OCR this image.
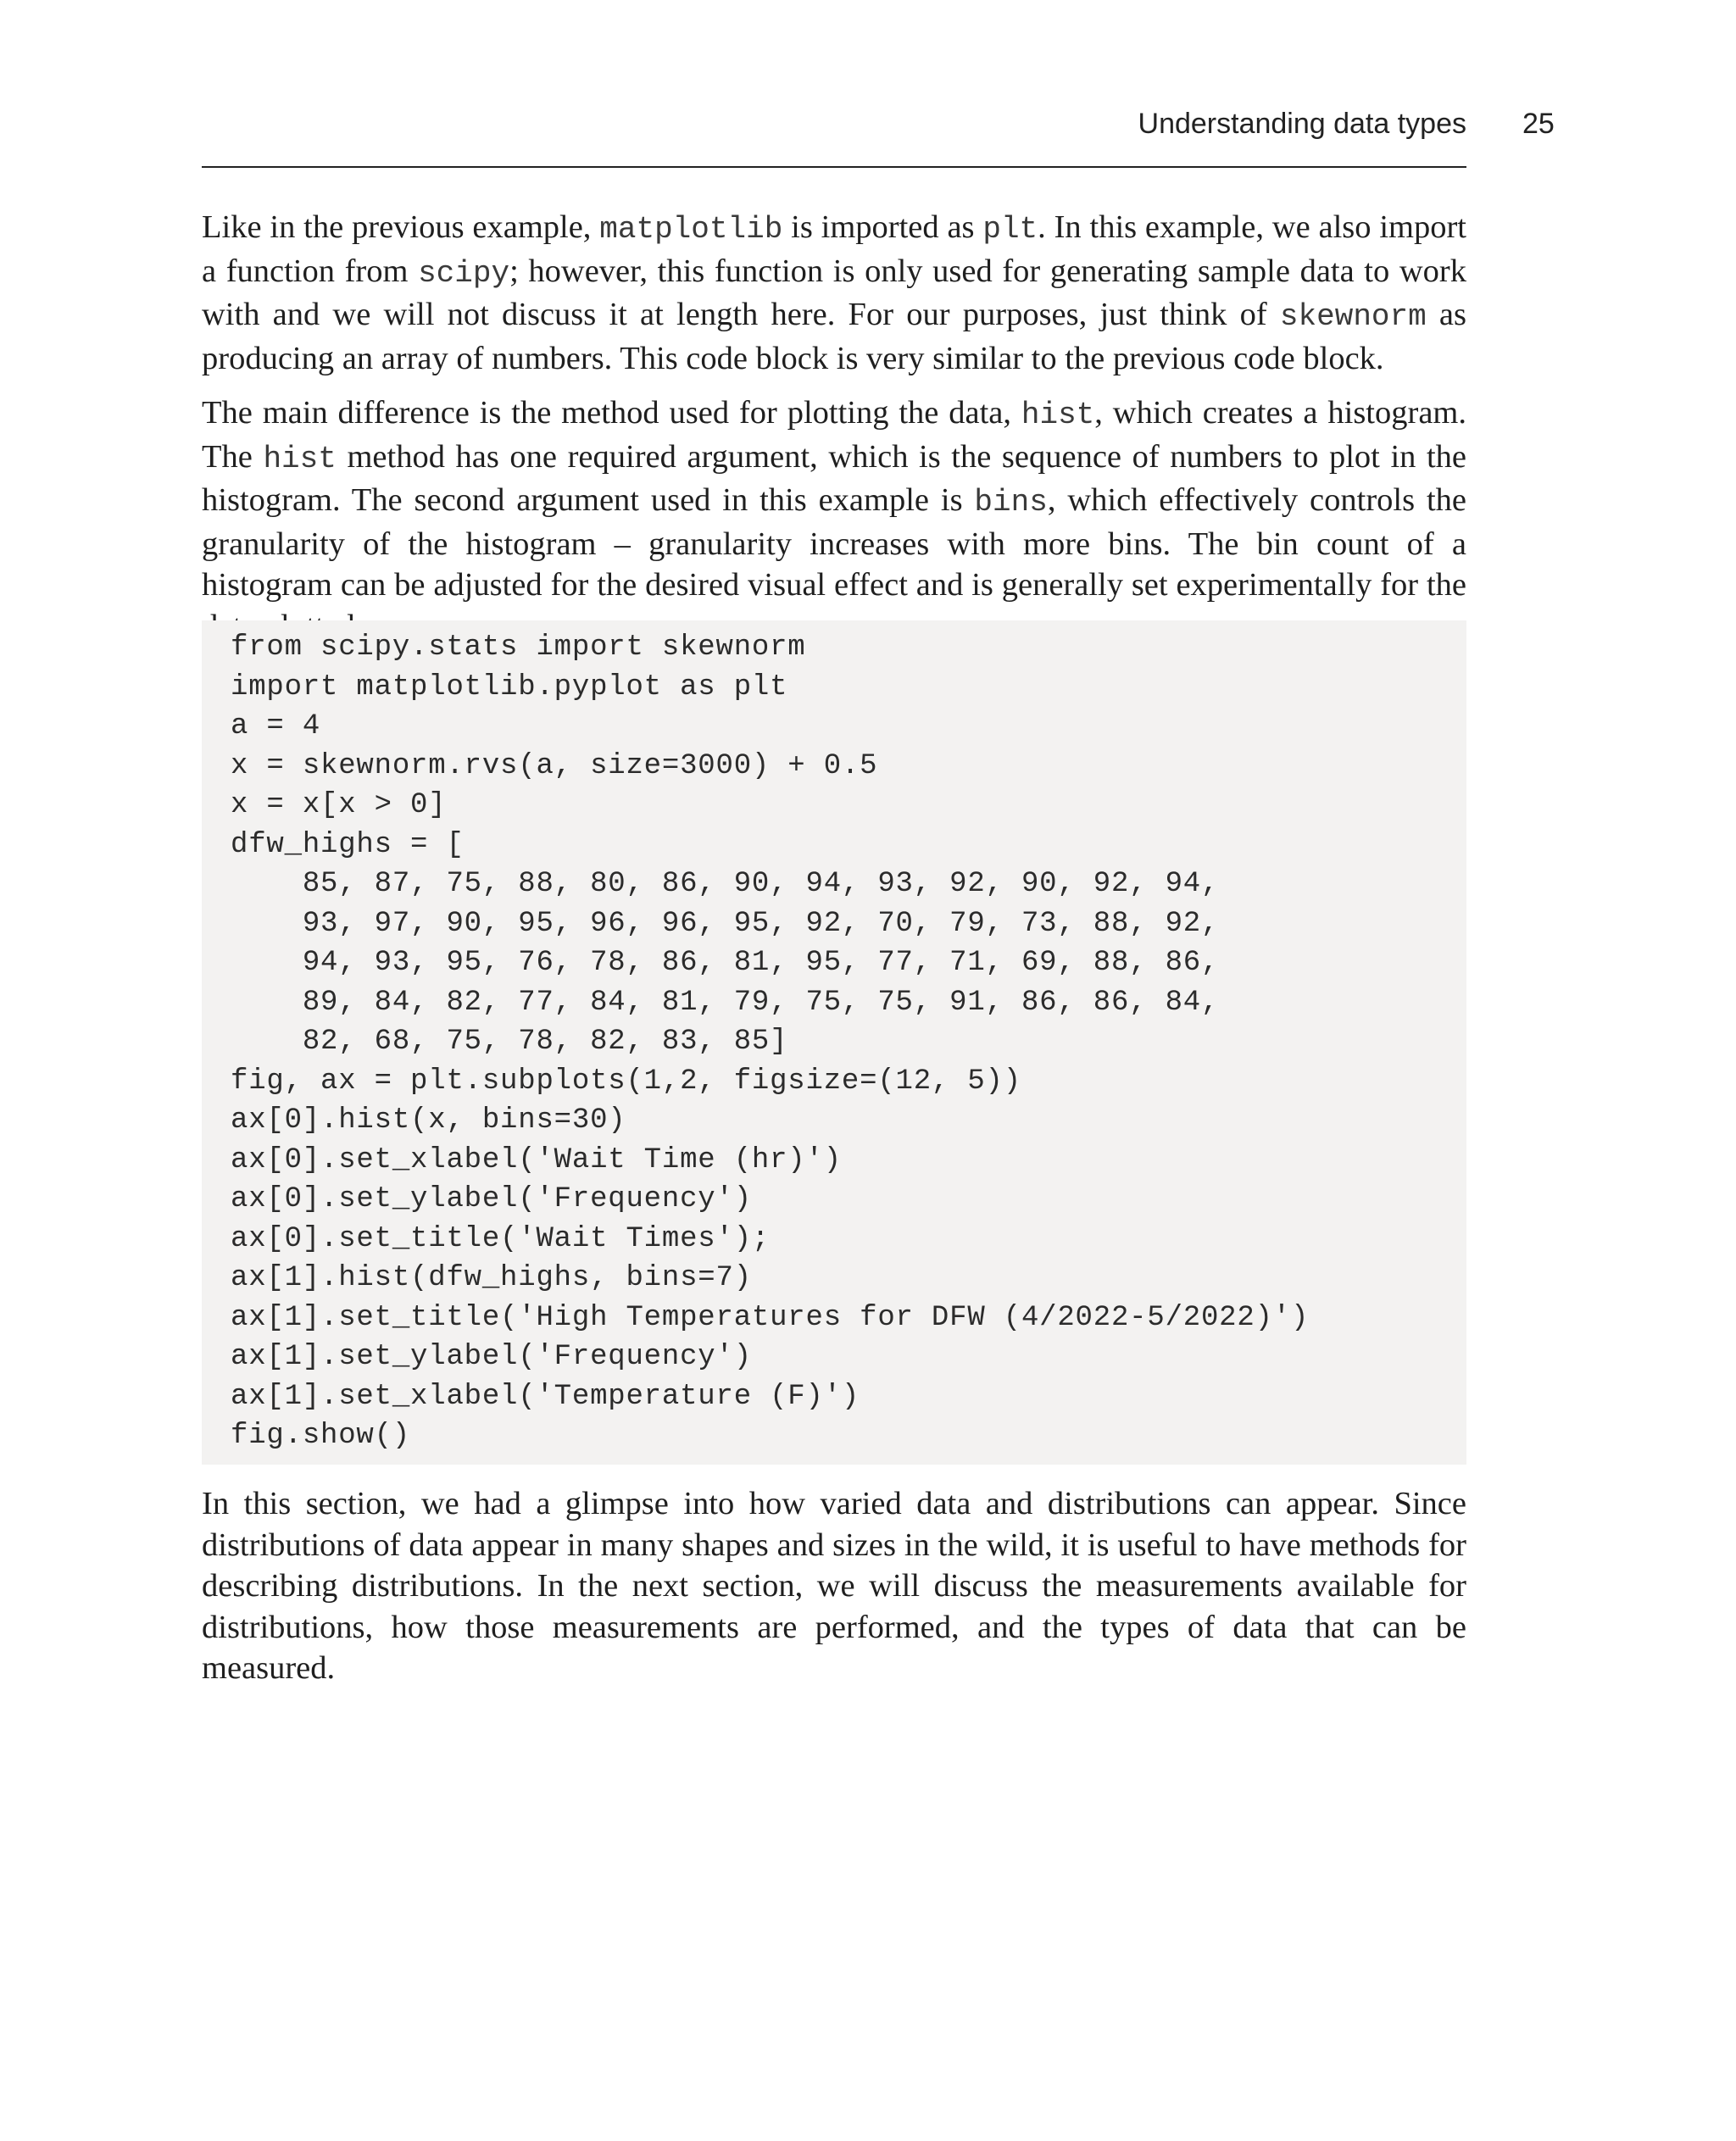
Understanding data types 25

Like in the previous example, matplotlib is imported as plt. In this example, we also import a function from scipy; however, this function is only used for generating sample data to work with and we will not discuss it at length here. For our purposes, just think of skewnorm as producing an array of numbers. This code block is very similar to the previous code block.

The main difference is the method used for plotting the data, hist, which creates a histogram. The hist method has one required argument, which is the sequence of numbers to plot in the histogram. The second argument used in this example is bins, which effectively controls the granularity of the histogram – granularity increases with more bins. The bin count of a histogram can be adjusted for the desired visual effect and is generally set experimentally for the

from scipy.stats import skewnorm
import matplotlib.pyplot as plt
a = 4
x = skewnorm.rvs(a, size=3000) + 0.5
x = x[x > 0]
dfw_highs = [
85, 87, 75, 88, 80, 86, 90, 94, 93, 92, 90, 92, 94,
93, 97, 90, 95, 96, 96, 95, 92, 70, 79, 73, 88, 92,
94, 93, 95, 76, 78, 86, 81, 95, 77, 71, 69, 88, 86,
89, 84, 82, 77, 84, 81, 79, 75, 75, 91, 86, 86, 84,
82, 68, 75, 78, 82, 83, 85]
fig, ax = plt.subplots(1,2, figsize=(12, 5))
ax[0].hist(x, bins=30)
ax[0].set_xlabel('Wait Time (hr)')
ax[0].set_ylabel('Frequency')
ax[0].set_title('Wait Times');
ax[1].hist(dfw_highs, bins=7)
ax[1].set_title('High Temperatures for DFW (4/2022-5/2022)')
ax[1].set_ylabel('Frequency')
ax[1].set_xlabel('Temperature (F)')
fig.show()

In this section, we had a glimpse into how varied data and distributions can appear. Since distributions of data appear in many shapes and sizes in the wild, it is useful to have methods for describing distributions. In the next section, we will discuss the measurements available for distributions, how those measurements are performed, and the types of data that can be measured.
